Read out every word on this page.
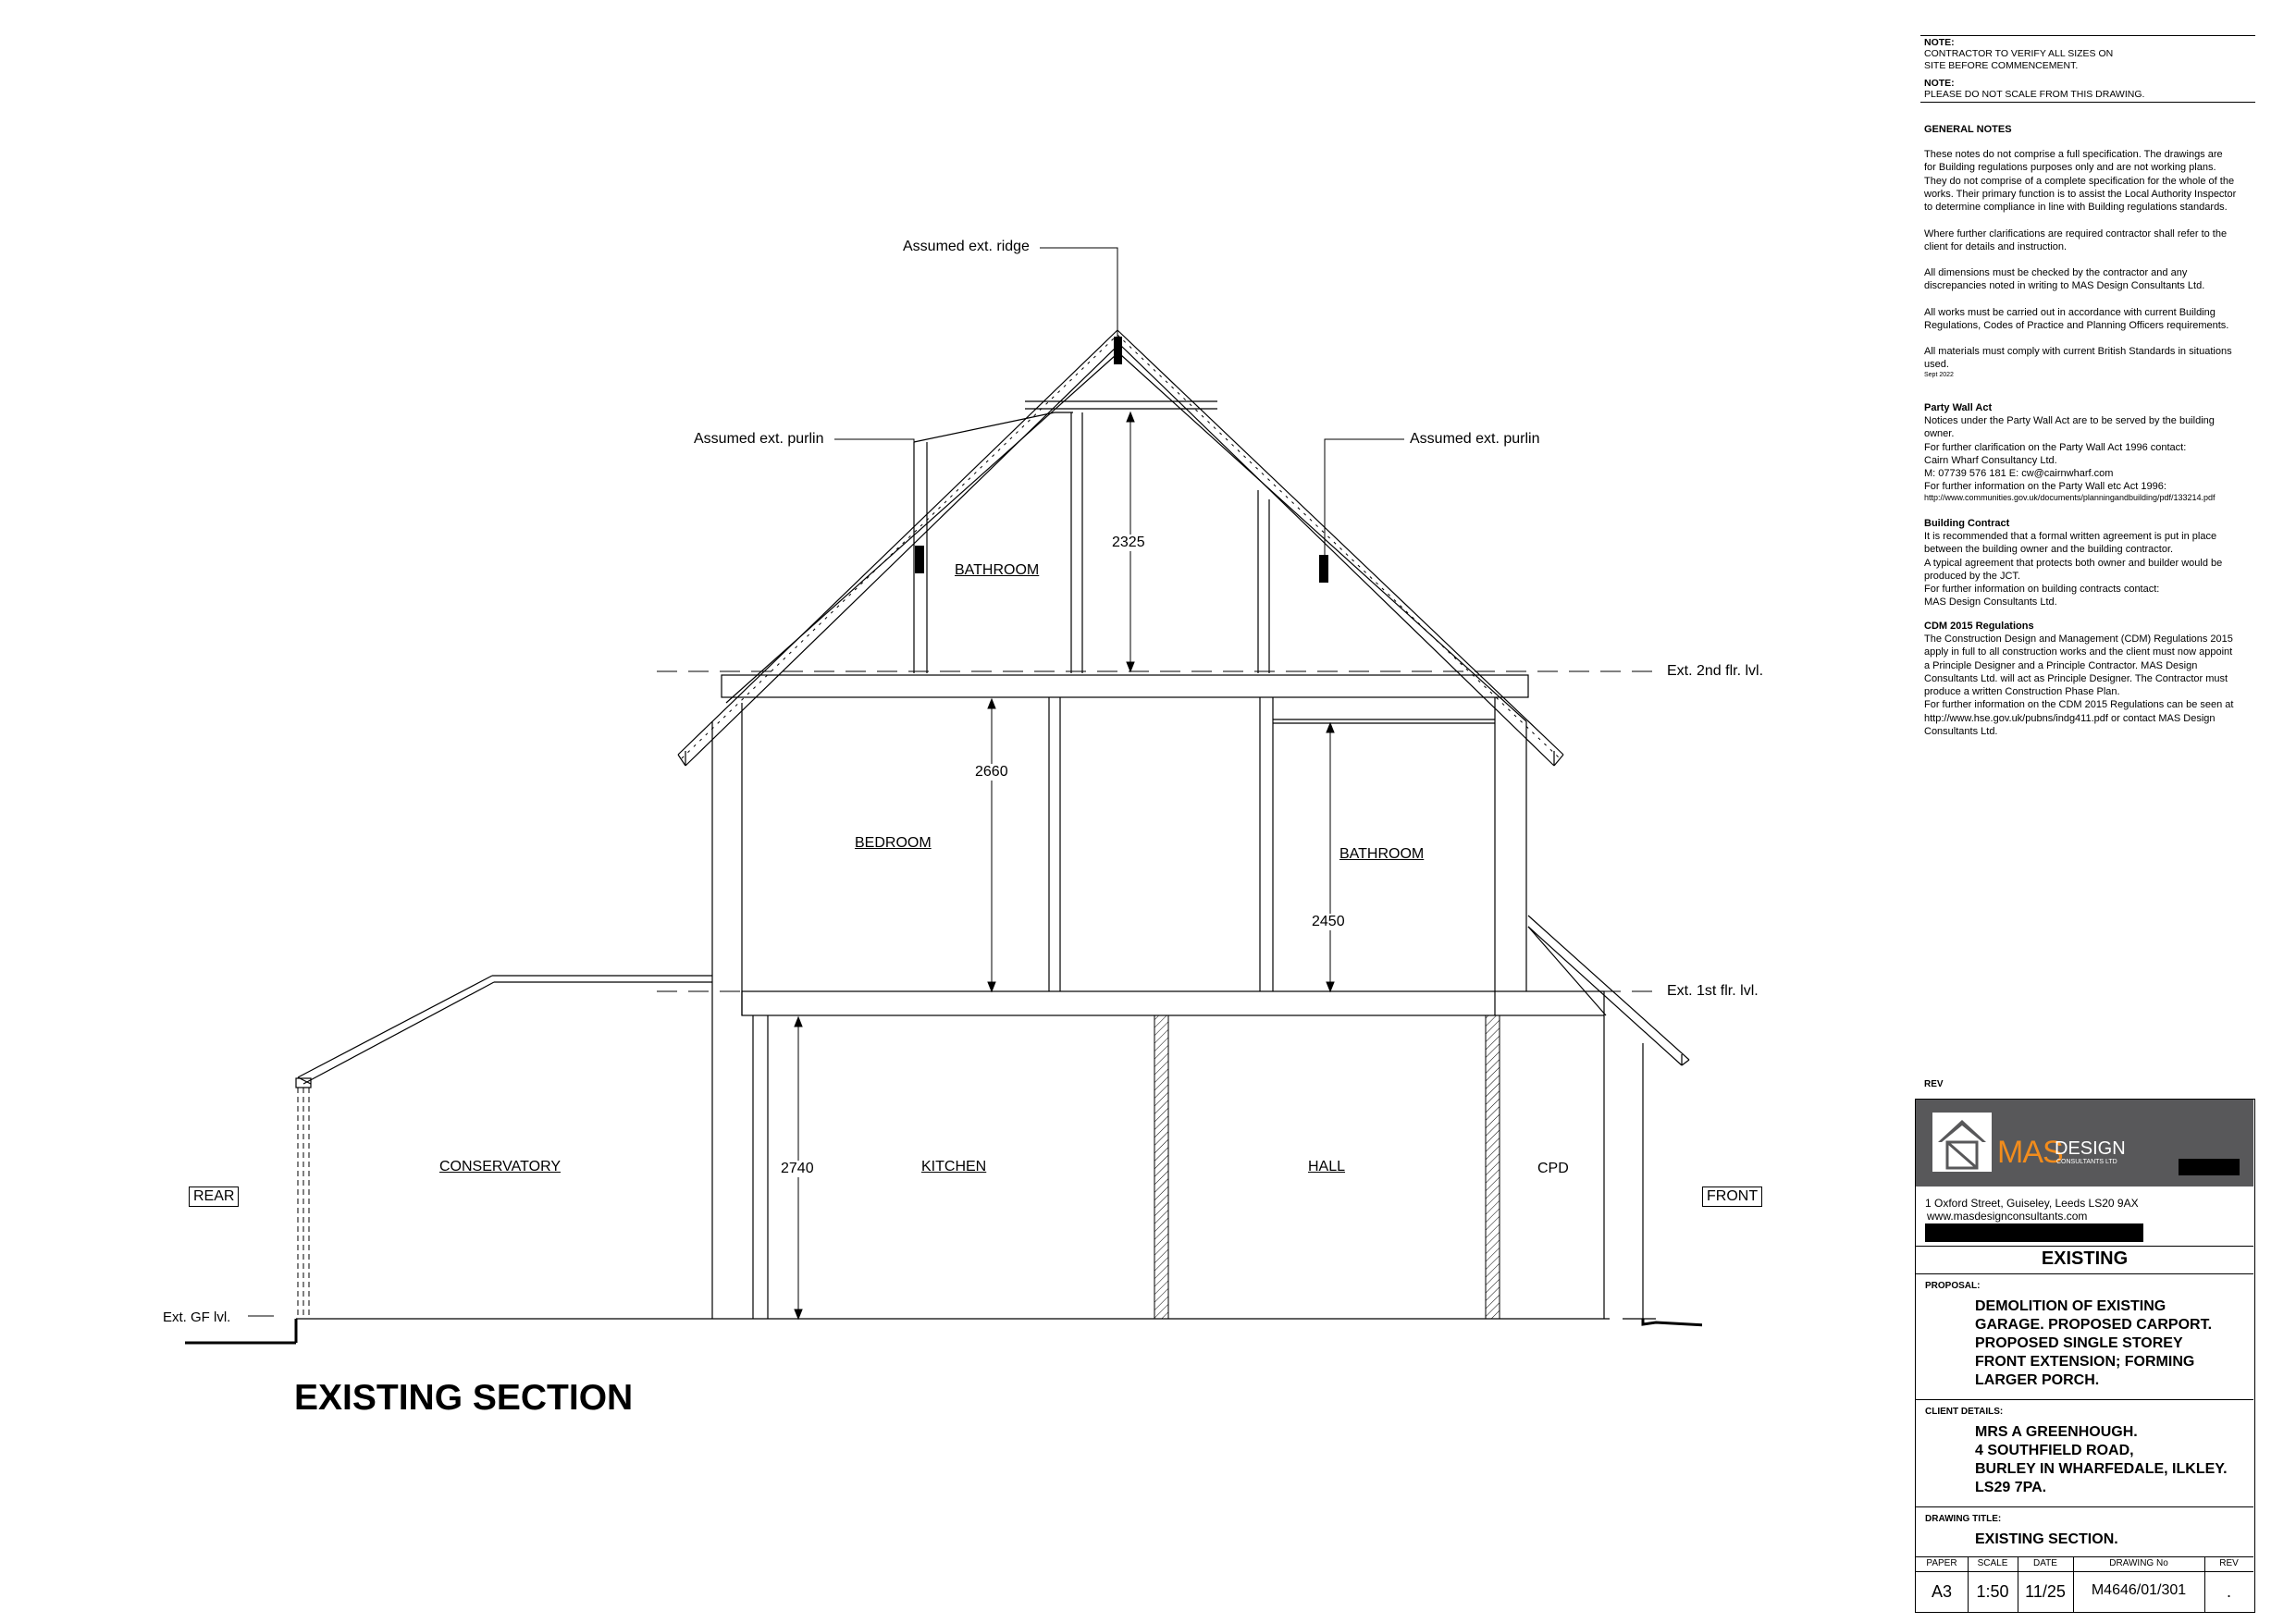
Assumed ext. ridge
Assumed ext. purlin	Assumed ext. purlin
Ext. 2nd flr. lvl.
Ext. 1st flr. lvl.
Ext. GF lvl.
REAR	FRONT
BATHROOM
BEDROOM
BATHROOM
CONSERVATORY	KITCHEN	HALL	CPD
2325
2660
2450
2740
EXISTING SECTION
NOTE:
CONTRACTOR TO VERIFY ALL SIZES ON
SITE BEFORE COMMENCEMENT.
NOTE:
PLEASE DO NOT SCALE FROM THIS DRAWING.
GENERAL NOTES
These notes do not comprise a full specification. The drawings are
for Building regulations purposes only and are not working plans.
They do not comprise of a complete specification for the whole of the
works. Their primary function is to assist the Local Authority Inspector
to determine compliance in line with Building regulations standards.
Where further clarifications are required contractor shall refer to the
client for details and instruction.
All dimensions must be checked by the contractor and any
discrepancies noted in writing to MAS Design Consultants Ltd.
All works must be carried out in accordance with current Building
Regulations, Codes of Practice and Planning Officers requirements.
All materials must comply with current British Standards in situations
used.
Sept 2022
Party Wall Act
Notices under the Party Wall Act are to be served by the building
owner.
For further clarification on the Party Wall Act 1996 contact:
Cairn Wharf Consultancy Ltd.
M: 07739 576 181 E: cw@cairnwharf.com
For further information on the Party Wall etc Act 1996:
http://www.communities.gov.uk/documents/planningandbuilding/pdf/133214.pdf
Building Contract
It is recommended that a formal written agreement is put in place
between the building owner and the building contractor.
A typical agreement that protects both owner and builder would be
produced by the JCT.
For further information on building contracts contact:
MAS Design Consultants Ltd.
CDM 2015 Regulations
The Construction Design and Management (CDM) Regulations 2015
apply in full to all construction works and the client must now appoint
a Principle Designer and a Principle Contractor. MAS Design
Consultants Ltd. will act as Principle Designer. The Contractor must
produce a written Construction Phase Plan.
For further information on the CDM 2015 Regulations can be seen at
http://www.hse.gov.uk/pubns/indg411.pdf or contact MAS Design
Consultants Ltd.
REV
MAS
DESIGN
CONSULTANTS LTD
1 Oxford Street, Guiseley, Leeds LS20 9AX
www.masdesignconsultants.com
EXISTING
PROPOSAL:
DEMOLITION OF EXISTING
GARAGE. PROPOSED CARPORT.
PROPOSED SINGLE STOREY
FRONT EXTENSION; FORMING
LARGER PORCH.
CLIENT DETAILS:
MRS A GREENHOUGH.
4 SOUTHFIELD ROAD,
BURLEY IN WHARFEDALE, ILKLEY.
LS29 7PA.
DRAWING TITLE:
EXISTING SECTION.
PAPER	SCALE	DATE	DRAWING No	REV
A3	1:50 11/25	M4646/01/301	.
